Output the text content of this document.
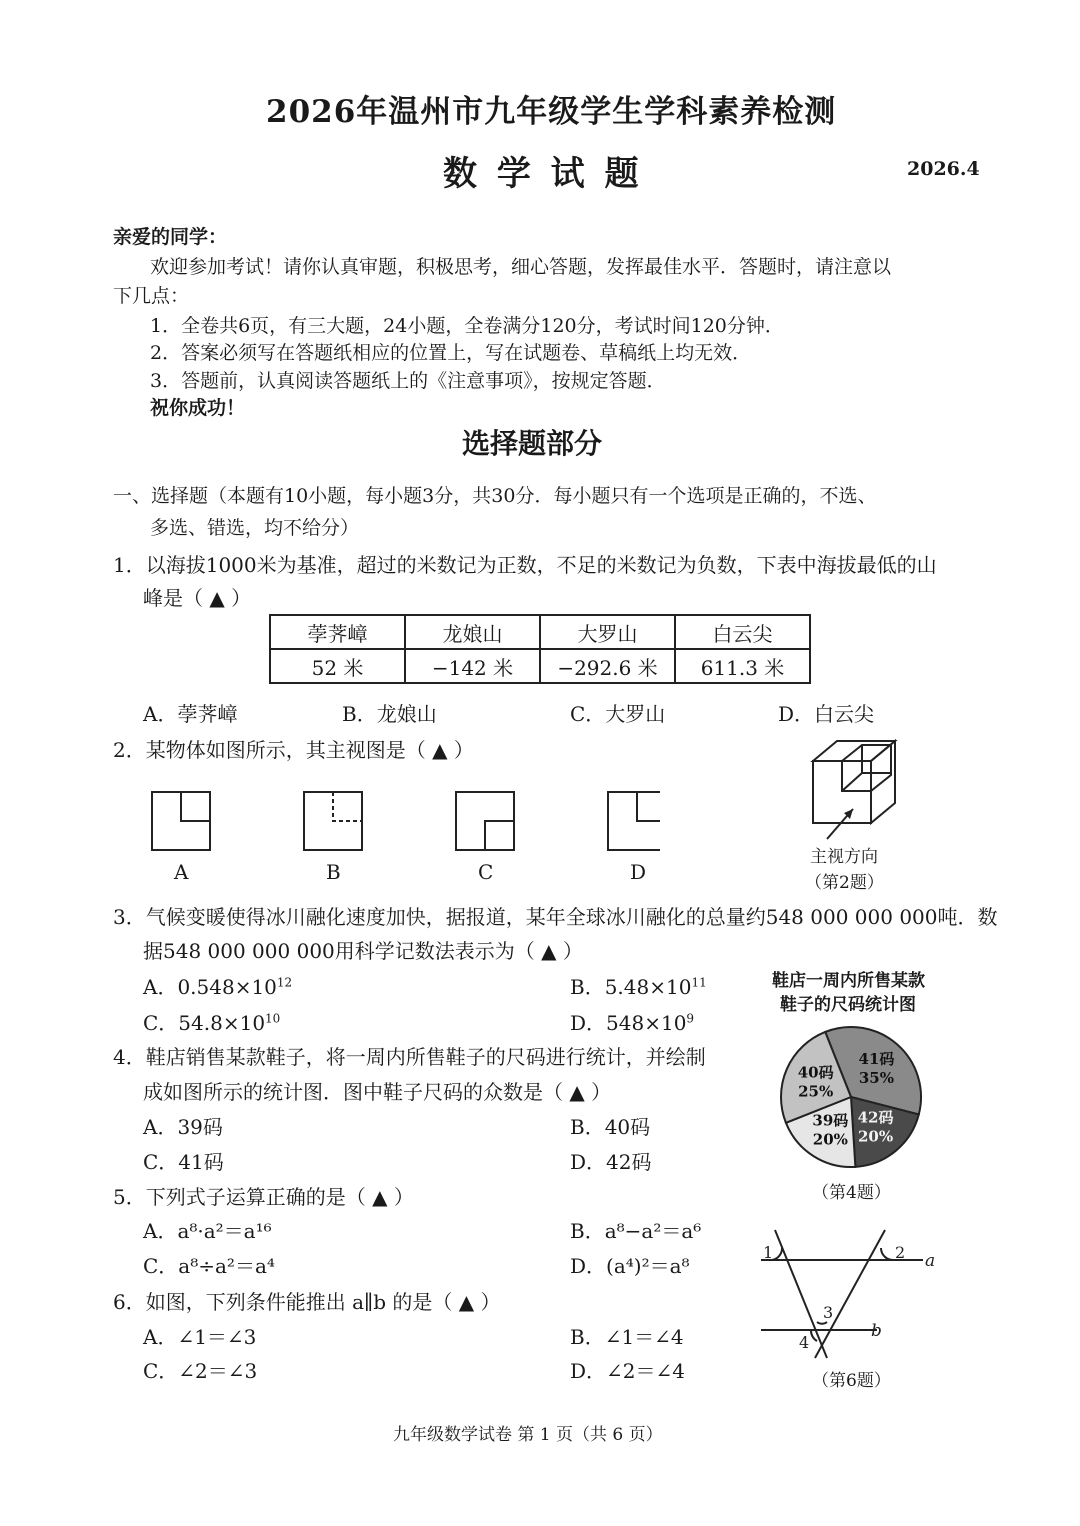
2026年温州市九年级学生学科素养检测
数 学 试 题	2026.4
亲爱的同学：
欢迎参加考试！请你认真审题，积极思考，细心答题，发挥最佳水平．答题时，请注意以
下几点：
1．全卷共6页，有三大题，24小题，全卷满分120分，考试时间120分钟．
2．答案必须写在答题纸相应的位置上，写在试题卷、草稿纸上均无效．
3．答题前，认真阅读答题纸上的《注意事项》，按规定答题．
祝你成功！
选择题部分
一、选择题（本题有10小题，每小题3分，共30分．每小题只有一个选项是正确的，不选、
多选、错选，均不给分）
1．以海拔1000米为基准，超过的米数记为正数，不足的米数记为负数，下表中海拔最低的山
峰是（ ▲ ）
荸荠嶂	龙娘山	大罗山	白云尖
52 米	−142 米	−292.6 米	611.3 米
A．荸荠嶂	B．龙娘山	C．大罗山	D．白云尖
2．某物体如图所示，其主视图是（ ▲ ）
A	B	C	D
主视方向
（第2题）
3．气候变暖使得冰川融化速度加快，据报道，某年全球冰川融化的总量约548 000 000 000吨．数
据548 000 000 000用科学记数法表示为（ ▲ ）
A．$0.548\times 10^{12}$	B．$5.48\times 10^{11}$
C．$54.8\times 10^{10}$	D．$548\times 10^9$
4．鞋店销售某款鞋子，将一周内所售鞋子的尺码进行统计，并绘制
成如图所示的统计图．图中鞋子尺码的众数是（ ▲ ）
A．39码	B．40码
C．41码	D．42码
鞋店一周内所售某款
鞋子的尺码统计图
41码
35%
42码
20%
39码
20%
40码
25%
（第4题）
5．下列式子运算正确的是（ ▲ ）
A．a⁸·a²＝a¹⁶	B．a⁸−a²＝a⁶
C．a⁸÷a²＝a⁴	D．(a⁴)²＝a⁸
6．如图，下列条件能推出 a∥b 的是（ ▲ ）
A．∠1＝∠3	B．∠1＝∠4
C．∠2＝∠3	D．∠2＝∠4
a
b
1	2
3
4
（第6题）
九年级数学试卷 第 1 页（共 6 页）
